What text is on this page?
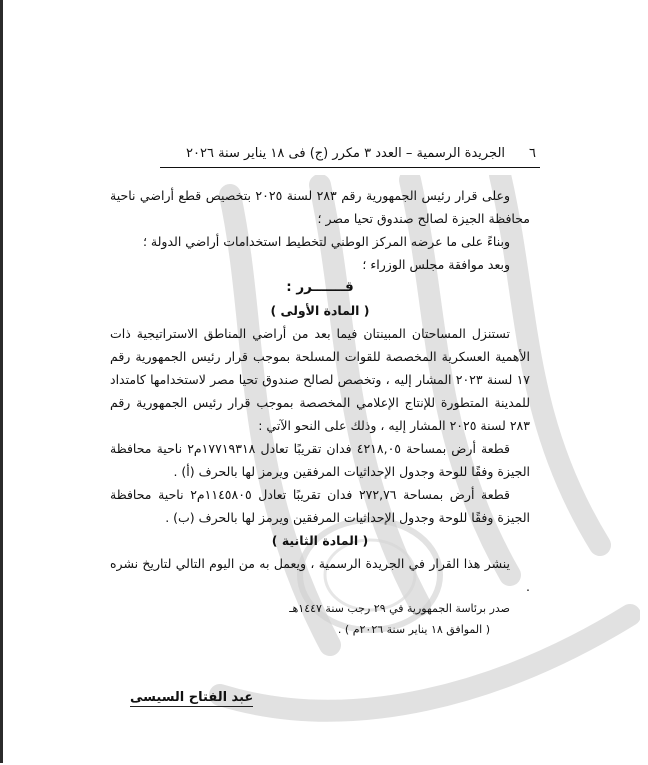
٦
الجريدة الرسمية – العدد ٣ مكرر (ج) فى ١٨ يناير سنة ٢٠٢٦

وعلى قرار رئيس الجمهورية رقم ٢٨٣ لسنة ٢٠٢٥ بتخصيص قطع أراضي ناحية محافظة الجيزة لصالح صندوق تحيا مصر ؛

وبناءً على ما عرضه المركز الوطني لتخطيط استخدامات أراضي الدولة ؛

وبعد موافقة مجلس الوزراء ؛

قـــــــرر :

( المادة الأولى )

تستنزل المساحتان المبينتان فيما بعد من أراضي المناطق الاستراتيجية ذات الأهمية العسكرية المخصصة للقوات المسلحة بموجب قرار رئيس الجمهورية رقم ١٧ لسنة ٢٠٢٣ المشار إليه ، وتخصص لصالح صندوق تحيا مصر لاستخدامها كامتداد للمدينة المتطورة للإنتاج الإعلامي المخصصة بموجب قرار رئيس الجمهورية رقم ٢٨٣ لسنة ٢٠٢٥ المشار إليه ، وذلك على النحو الآتي :

قطعة أرض بمساحة ٤٢١٨,٠٥ فدان تقريبًا تعادل ١٧٧١٩٣١٨م٢ ناحية محافظة الجيزة وفقًا للوحة وجدول الإحداثيات المرفقين ويرمز لها بالحرف (أ) .

قطعة أرض بمساحة ٢٧٢,٧٦ فدان تقريبًا تعادل ١١٤٥٨٠٥م٢ ناحية محافظة الجيزة وفقًا للوحة وجدول الإحداثيات المرفقين ويرمز لها بالحرف (ب) .

( المادة الثانية )

ينشر هذا القرار في الجريدة الرسمية ، ويعمل به من اليوم التالي لتاريخ نشره .

صدر برئاسة الجمهورية في ٢٩ رجب سنة ١٤٤٧هـ

( الموافق ١٨ يناير سنة ٢٠٢٦م ) .

عبد الفتاح السيسى
